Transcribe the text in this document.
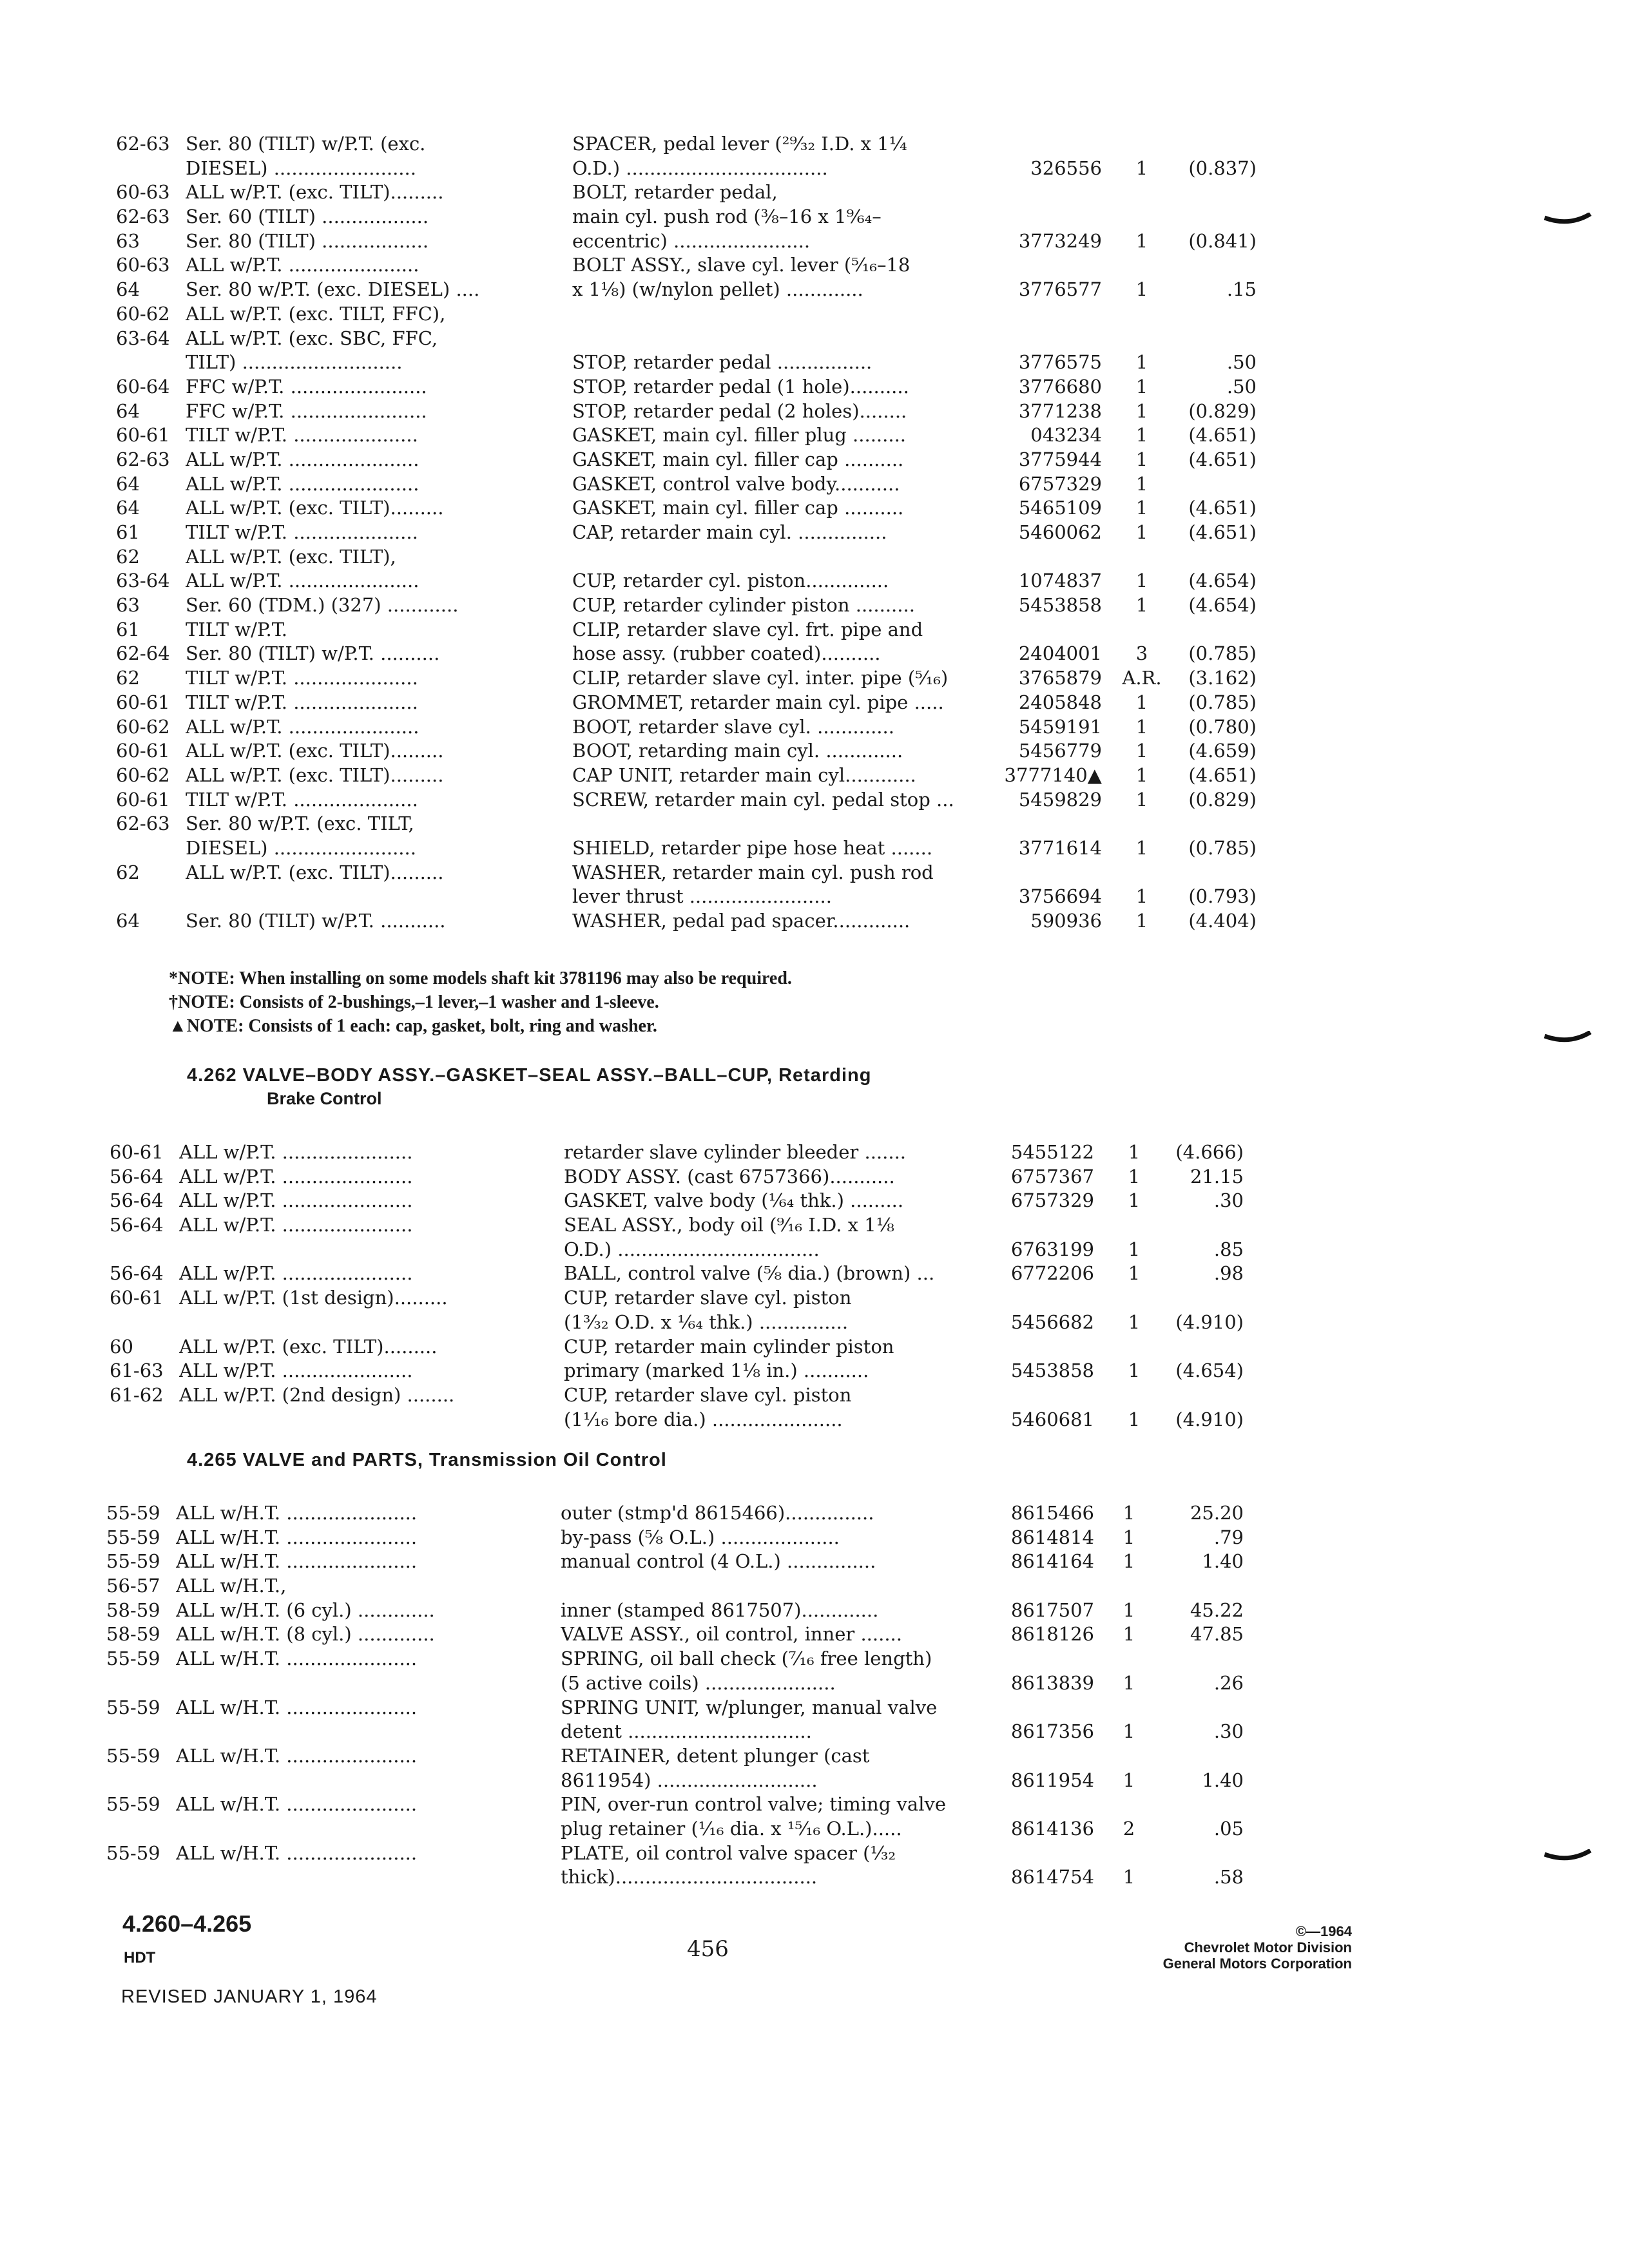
62-63 Ser. 80 (TILT) w/P.T. (exc.	SPACER, pedal lever (²⁹⁄₃₂ I.D. x 1¼
DIESEL) ........................	O.D.) ..................................	326556	1	(0.837)
60-63 ALL w/P.T. (exc. TILT).........	BOLT, retarder pedal,
62-63 Ser. 60 (TILT) ..................	main cyl. push rod (⅜–16 x 1⁹⁄₆₄–
63	Ser. 80 (TILT) ..................	eccentric) .......................	3773249	1	(0.841)
60-63 ALL w/P.T. ......................	BOLT ASSY., slave cyl. lever (⁵⁄₁₆–18
64	Ser. 80 w/P.T. (exc. DIESEL) ....	x 1⅛) (w/nylon pellet) .............	3776577	1	.15
60-62 ALL w/P.T. (exc. TILT, FFC),
63-64 ALL w/P.T. (exc. SBC, FFC,
TILT) ...........................	STOP, retarder pedal ................	3776575	1	.50
60-64 FFC w/P.T. .......................	STOP, retarder pedal (1 hole)..........	3776680	1	.50
64	FFC w/P.T. .......................	STOP, retarder pedal (2 holes)........	3771238	1	(0.829)
60-61 TILT w/P.T. .....................	GASKET, main cyl. filler plug .........	043234	1	(4.651)
62-63 ALL w/P.T. ......................	GASKET, main cyl. filler cap ..........	3775944	1	(4.651)
64	ALL w/P.T. ......................	GASKET, control valve body...........	6757329	1
64	ALL w/P.T. (exc. TILT).........	GASKET, main cyl. filler cap ..........	5465109	1	(4.651)
61	TILT w/P.T. .....................	CAP, retarder main cyl. ...............	5460062	1	(4.651)
62	ALL w/P.T. (exc. TILT),
63-64 ALL w/P.T. ......................	CUP, retarder cyl. piston..............	1074837	1	(4.654)
63	Ser. 60 (TDM.) (327) ............	CUP, retarder cylinder piston ..........	5453858	1	(4.654)
61	TILT w/P.T.	CLIP, retarder slave cyl. frt. pipe and
62-64 Ser. 80 (TILT) w/P.T. ..........	hose assy. (rubber coated)..........	2404001	3	(0.785)
62	TILT w/P.T. .....................	CLIP, retarder slave cyl. inter. pipe (⁵⁄₁₆)	3765879 A.R.	(3.162)
60-61 TILT w/P.T. .....................	GROMMET, retarder main cyl. pipe .....	2405848	1	(0.785)
60-62 ALL w/P.T. ......................	BOOT, retarder slave cyl. .............	5459191	1	(0.780)
60-61 ALL w/P.T. (exc. TILT).........	BOOT, retarding main cyl. .............	5456779	1	(4.659)
60-62 ALL w/P.T. (exc. TILT).........	CAP UNIT, retarder main cyl............	3777140▲	1	(4.651)
60-61 TILT w/P.T. .....................	SCREW, retarder main cyl. pedal stop ...	5459829	1	(0.829)
62-63 Ser. 80 w/P.T. (exc. TILT,
DIESEL) ........................	SHIELD, retarder pipe hose heat .......	3771614	1	(0.785)
62	ALL w/P.T. (exc. TILT).........	WASHER, retarder main cyl. push rod
lever thrust ........................	3756694	1	(0.793)
64	Ser. 80 (TILT) w/P.T. ...........	WASHER, pedal pad spacer.............	590936	1	(4.404)
*NOTE: When installing on some models shaft kit 3781196 may also be required.
†NOTE: Consists of 2-bushings,–1 lever,–1 washer and 1-sleeve.
▲NOTE: Consists of 1 each: cap, gasket, bolt, ring and washer.
4.262 VALVE–BODY ASSY.–GASKET–SEAL ASSY.–BALL–CUP, Retarding
Brake Control
60-61 ALL w/P.T. ......................	retarder slave cylinder bleeder .......	5455122	1	(4.666)
56-64 ALL w/P.T. ......................	BODY ASSY. (cast 6757366)...........	6757367	1	21.15
56-64 ALL w/P.T. ......................	GASKET, valve body (¹⁄₆₄ thk.) .........	6757329	1	.30
56-64 ALL w/P.T. ......................	SEAL ASSY., body oil (⁹⁄₁₆ I.D. x 1⅛
O.D.) ..................................	6763199	1	.85
56-64 ALL w/P.T. ......................	BALL, control valve (⁵⁄₈ dia.) (brown) ...	6772206	1	.98
60-61 ALL w/P.T. (1st design).........	CUP, retarder slave cyl. piston
(1³⁄₃₂ O.D. x ¹⁄₆₄ thk.) ...............	5456682	1	(4.910)
60	ALL w/P.T. (exc. TILT).........	CUP, retarder main cylinder piston
61-63 ALL w/P.T. ......................	primary (marked 1⅛ in.) ...........	5453858	1	(4.654)
61-62 ALL w/P.T. (2nd design) ........	CUP, retarder slave cyl. piston
(1¹⁄₁₆ bore dia.) ......................	5460681	1	(4.910)
4.265 VALVE and PARTS, Transmission Oil Control
55-59 ALL w/H.T. ......................	outer (stmp'd 8615466)...............	8615466	1	25.20
55-59 ALL w/H.T. ......................	by-pass (⁵⁄₈ O.L.) ....................	8614814	1	.79
55-59 ALL w/H.T. ......................	manual control (4 O.L.) ...............	8614164	1	1.40
56-57 ALL w/H.T.,
58-59 ALL w/H.T. (6 cyl.) .............	inner (stamped 8617507).............	8617507	1	45.22
58-59 ALL w/H.T. (8 cyl.) .............	VALVE ASSY., oil control, inner .......	8618126	1	47.85
55-59 ALL w/H.T. ......................	SPRING, oil ball check (⁷⁄₁₆ free length)
(5 active coils) ......................	8613839	1	.26
55-59 ALL w/H.T. ......................	SPRING UNIT, w/plunger, manual valve
detent ...............................	8617356	1	.30
55-59 ALL w/H.T. ......................	RETAINER, detent plunger (cast
8611954) ...........................	8611954	1	1.40
55-59 ALL w/H.T. ......................	PIN, over-run control valve; timing valve
plug retainer (¹⁄₁₆ dia. x ¹⁵⁄₁₆ O.L.).....	8614136	2	.05
55-59 ALL w/H.T. ......................	PLATE, oil control valve spacer (¹⁄₃₂
thick)..................................	8614754	1	.58
4.260–4.265
HDT	456
REVISED JANUARY 1, 1964
©—1964
Chevrolet Motor Division
General Motors Corporation
